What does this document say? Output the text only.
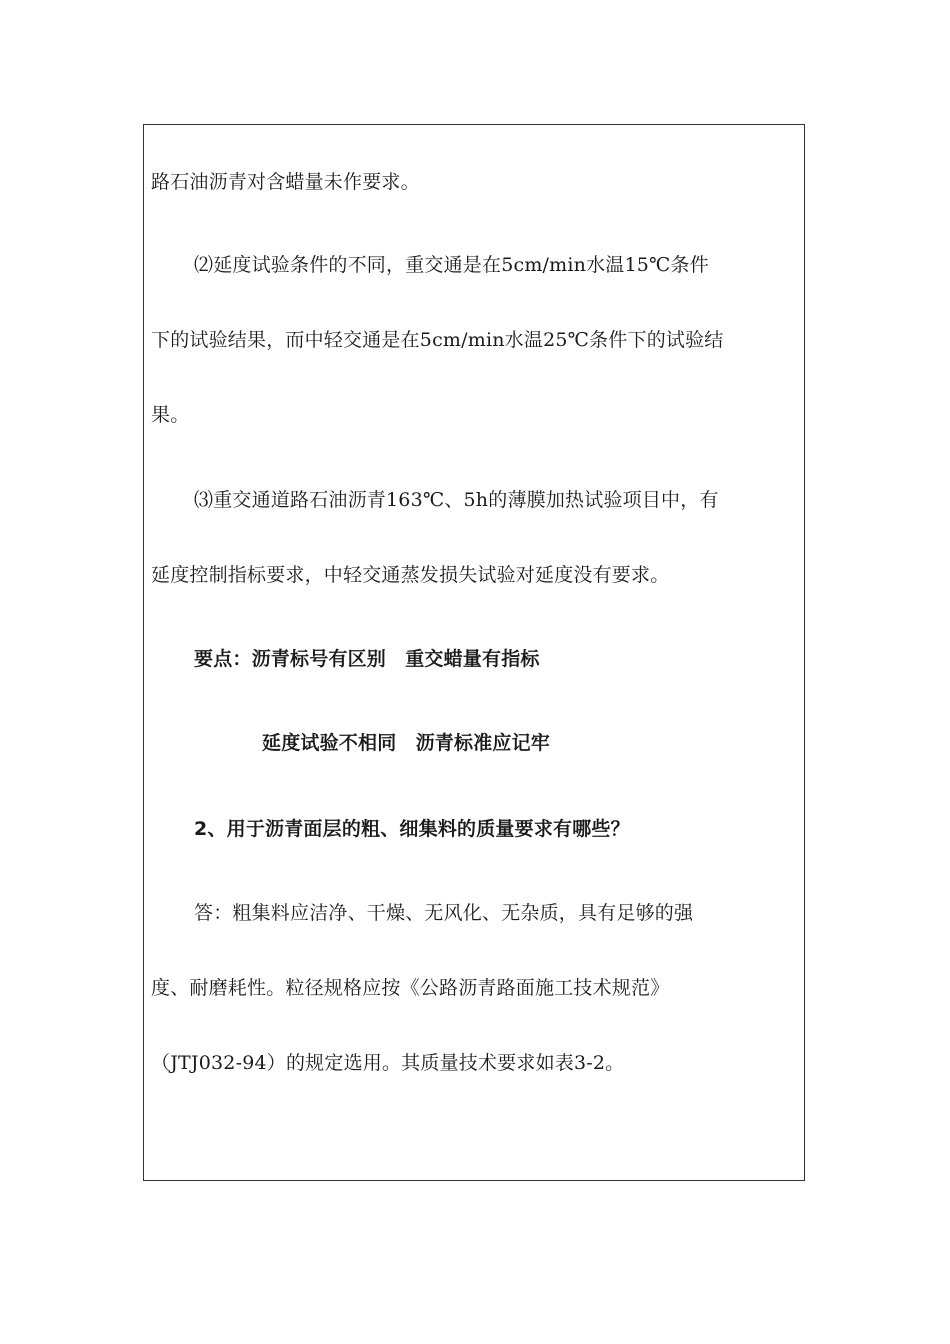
路石油沥青对含蜡量未作要求。
⑵延度试验条件的不同，重交通是在5cm/min水温15℃条件
下的试验结果，而中轻交通是在5cm/min水温25℃条件下的试验结
果。
⑶重交通道路石油沥青163℃、5h的薄膜加热试验项目中，有
延度控制指标要求，中轻交通蒸发损失试验对延度没有要求。
要点：沥青标号有区别　重交蜡量有指标
延度试验不相同　沥青标准应记牢
2、用于沥青面层的粗、细集料的质量要求有哪些？
答：粗集料应洁净、干燥、无风化、无杂质，具有足够的强
度、耐磨耗性。粒径规格应按《公路沥青路面施工技术规范》
（JTJ032-94）的规定选用。其质量技术要求如表3-2。
